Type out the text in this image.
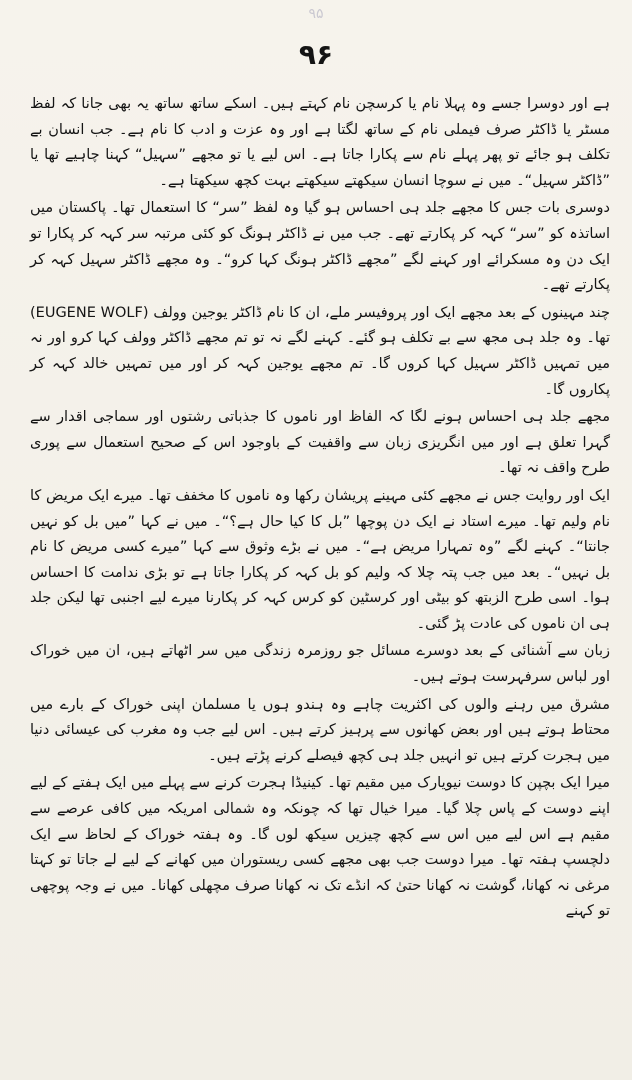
۹۵
۹۶

ہے اور دوسرا جسے وہ پہلا نام یا کرسچن نام کہتے ہیں۔ اسکے ساتھ ساتھ یہ بھی جانا کہ لفظ مسٹر یا ڈاکٹر صرف فیملی نام کے ساتھ لگتا ہے اور وہ عزت و ادب کا نام ہے۔ جب انسان بے تکلف ہو جائے تو پھر پہلے نام سے پکارا جاتا ہے۔ اس لیے یا تو مجھے ”سہیل“ کہنا چاہیے تھا یا ”ڈاکٹر سہیل“۔ میں نے سوچا انسان سیکھتے سیکھتے بہت کچھ سیکھتا ہے۔

دوسری بات جس کا مجھے جلد ہی احساس ہو گیا وہ لفظ ”سر“ کا استعمال تھا۔ پاکستان میں اساتذہ کو ”سر“ کہہ کر پکارتے تھے۔ جب میں نے ڈاکٹر ہونگ کو کئی مرتبہ سر کہہ کر پکارا تو ایک دن وہ مسکرائے اور کہنے لگے ”مجھے ڈاکٹر ہونگ کہا کرو“۔ وہ مجھے ڈاکٹر سہیل کہہ کر پکارتے تھے۔

چند مہینوں کے بعد مجھے ایک اور پروفیسر ملے، ان کا نام ڈاکٹر یوجین وولف (EUGENE WOLF) تھا۔ وہ جلد ہی مجھ سے بے تکلف ہو گئے۔ کہنے لگے نہ تو تم مجھے ڈاکٹر وولف کہا کرو اور نہ میں تمہیں ڈاکٹر سہیل کہا کروں گا۔ تم مجھے یوجین کہہ کر اور میں تمہیں خالد کہہ کر پکاروں گا۔

مجھے جلد ہی احساس ہونے لگا کہ الفاظ اور ناموں کا جذباتی رشتوں اور سماجی اقدار سے گہرا تعلق ہے اور میں انگریزی زبان سے واقفیت کے باوجود اس کے صحیح استعمال سے پوری طرح واقف نہ تھا۔

ایک اور روایت جس نے مجھے کئی مہینے پریشان رکھا وہ ناموں کا مخفف تھا۔ میرے ایک مریض کا نام ولیم تھا۔ میرے استاد نے ایک دن پوچھا ”بل کا کیا حال ہے؟“۔ میں نے کہا ”میں بل کو نہیں جانتا“۔ کہنے لگے ”وہ تمہارا مریض ہے“۔ میں نے بڑے وثوق سے کہا ”میرے کسی مریض کا نام بل نہیں“۔ بعد میں جب پتہ چلا کہ ولیم کو بل کہہ کر پکارا جاتا ہے تو بڑی ندامت کا احساس ہوا۔ اسی طرح الزبتھ کو بیٹی اور کرسٹین کو کرس کہہ کر پکارنا میرے لیے اجنبی تھا لیکن جلد ہی ان ناموں کی عادت پڑ گئی۔

زبان سے آشنائی کے بعد دوسرے مسائل جو روزمرہ زندگی میں سر اٹھاتے ہیں، ان میں خوراک اور لباس سرفہرست ہوتے ہیں۔

مشرق میں رہنے والوں کی اکثریت چاہے وہ ہندو ہوں یا مسلمان اپنی خوراک کے بارے میں محتاط ہوتے ہیں اور بعض کھانوں سے پرہیز کرتے ہیں۔ اس لیے جب وہ مغرب کی عیسائی دنیا میں ہجرت کرتے ہیں تو انہیں جلد ہی کچھ فیصلے کرنے پڑتے ہیں۔

میرا ایک بچپن کا دوست نیویارک میں مقیم تھا۔ کینیڈا ہجرت کرنے سے پہلے میں ایک ہفتے کے لیے اپنے دوست کے پاس چلا گیا۔ میرا خیال تھا کہ چونکہ وہ شمالی امریکہ میں کافی عرصے سے مقیم ہے اس لیے میں اس سے کچھ چیزیں سیکھ لوں گا۔ وہ ہفتہ خوراک کے لحاظ سے ایک دلچسپ ہفتہ تھا۔ میرا دوست جب بھی مجھے کسی ریستوران میں کھانے کے لیے لے جاتا تو کہتا مرغی نہ کھانا، گوشت نہ کھانا حتیٰ کہ انڈے تک نہ کھانا صرف مچھلی کھانا۔ میں نے وجہ پوچھی تو کہنے
